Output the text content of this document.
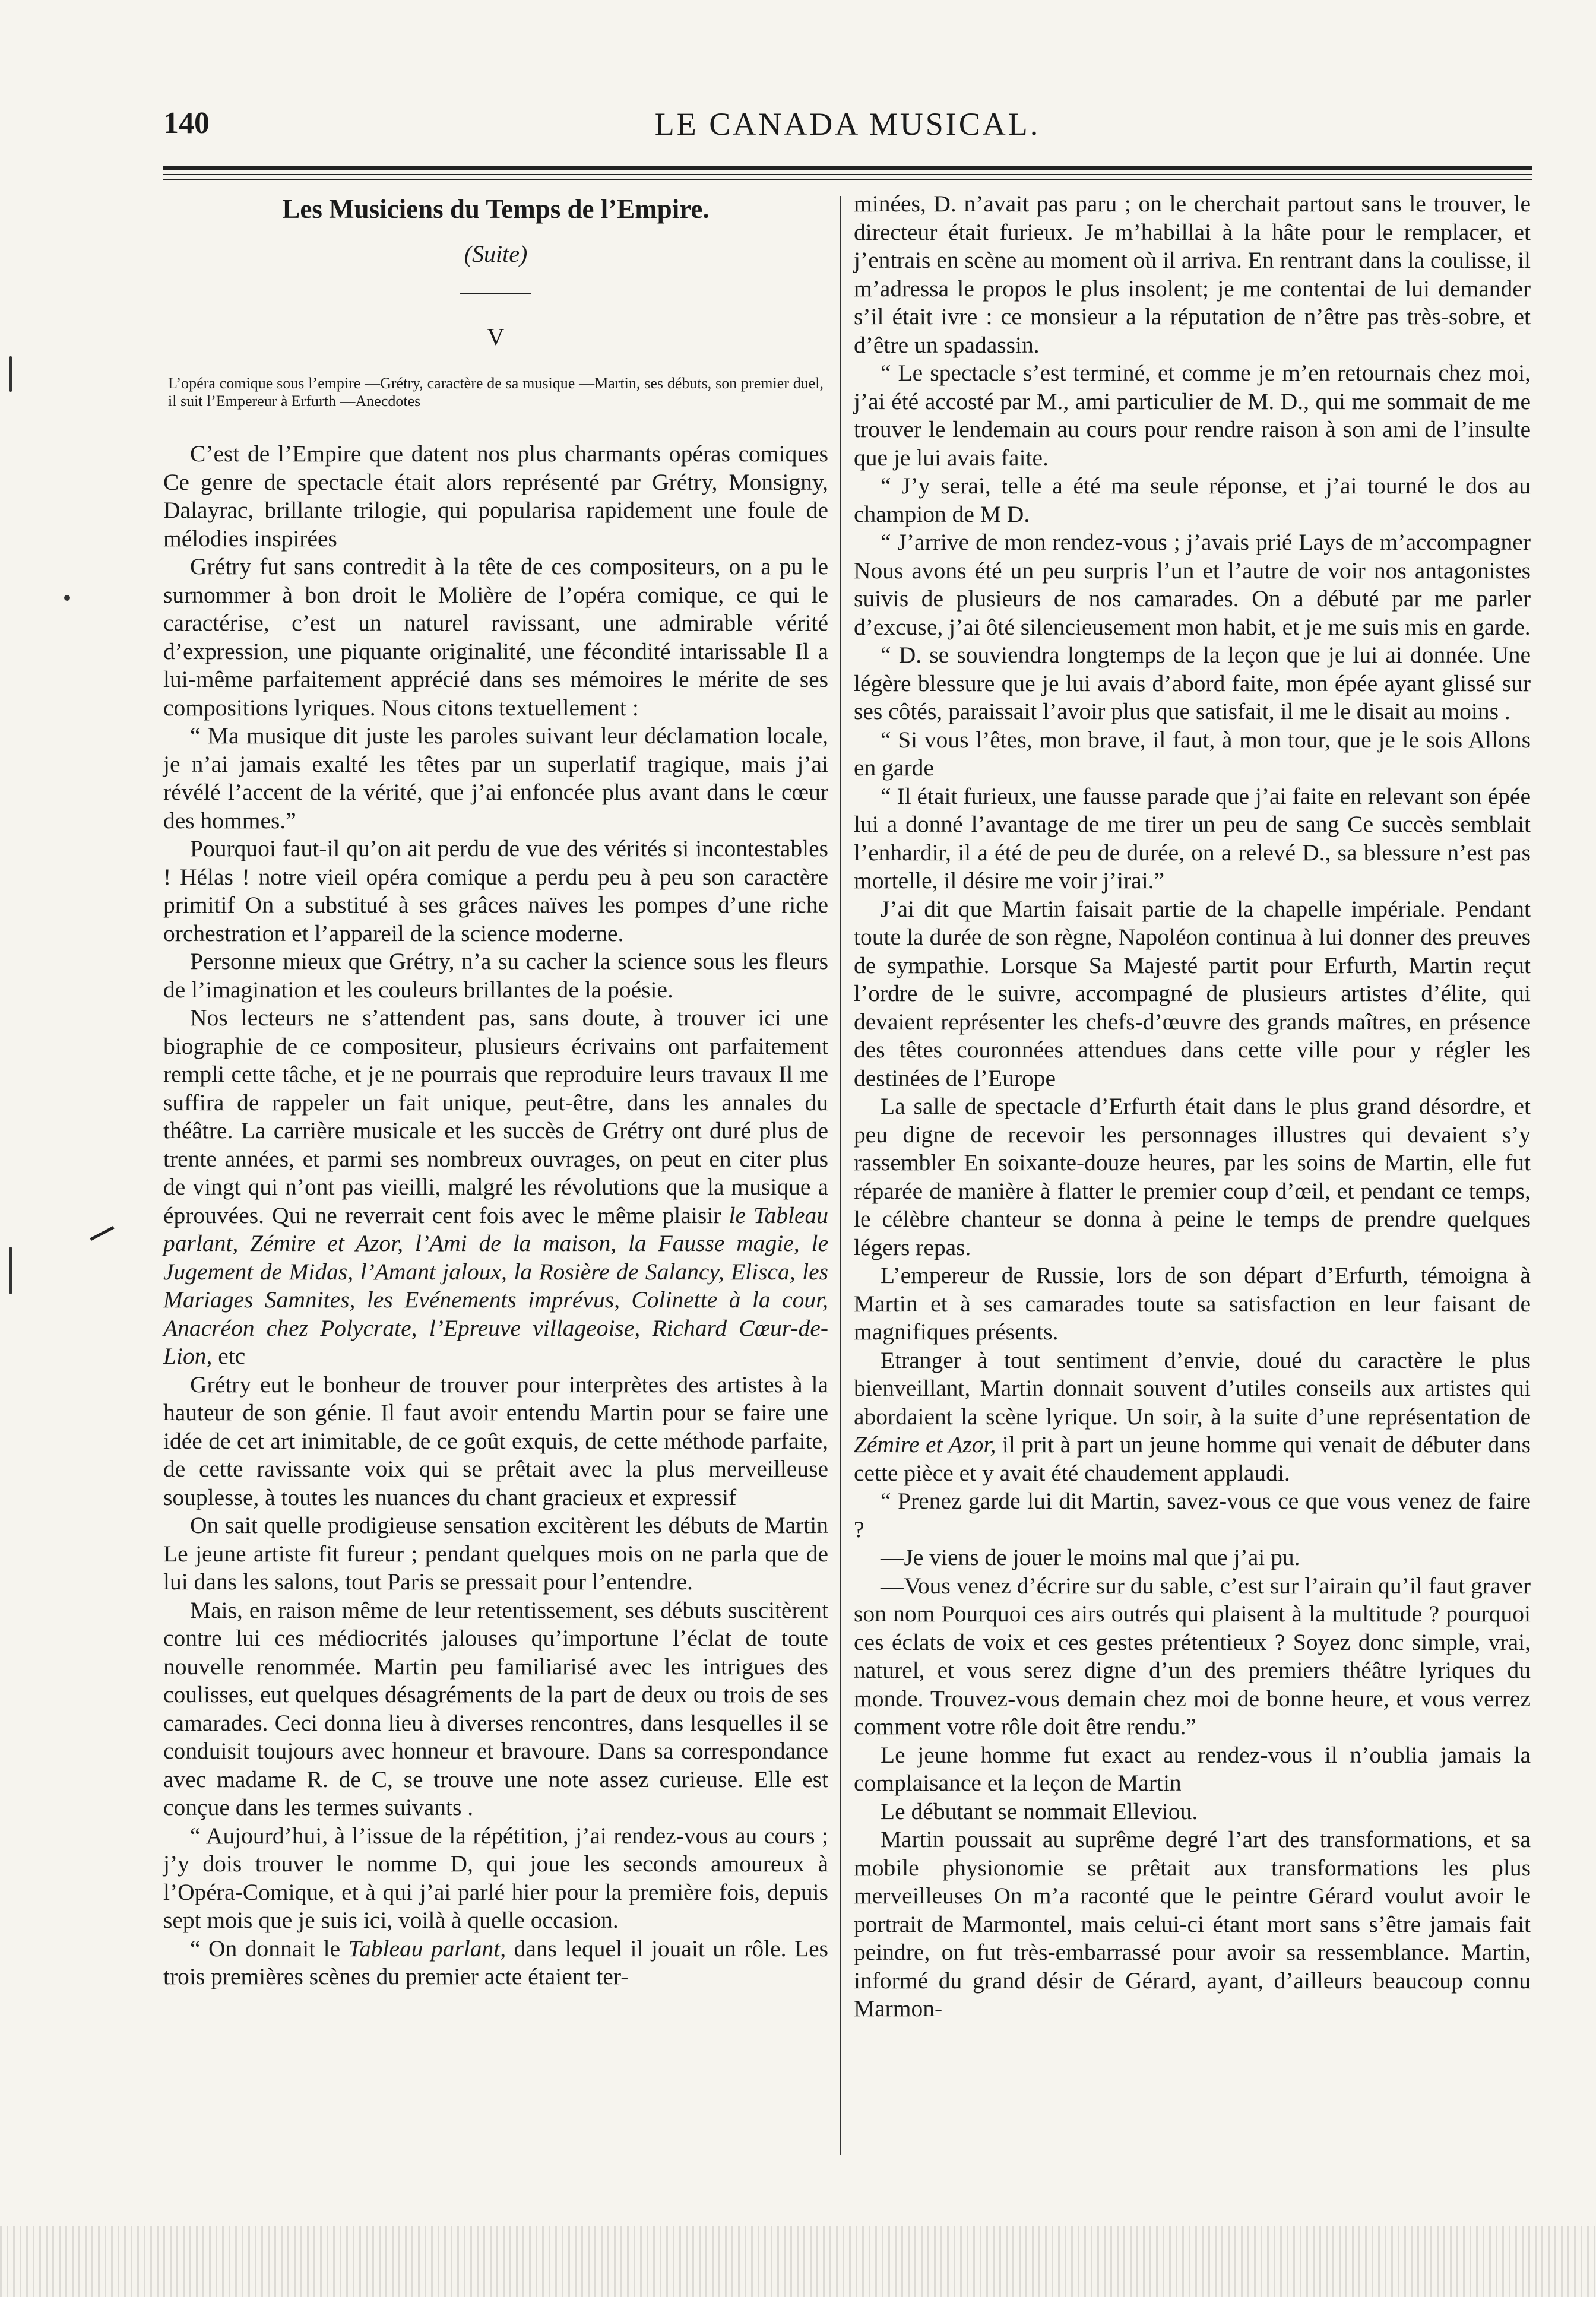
140	LE CANADA MUSICAL.
Les Musiciens du Temps de l’Empire.
(Suite)
V
L’opéra comique sous l’empire —Grétry, caractère de sa musique —Martin, ses débuts, son premier duel, il suit l’Empereur à Erfurth —Anecdotes

C’est de l’Empire que datent nos plus charmants opéras comiques Ce genre de spectacle était alors représenté par Grétry, Monsigny, Dalayrac, brillante trilogie, qui popularisa rapidement une foule de mélodies inspirées

Grétry fut sans contredit à la tête de ces compositeurs, on a pu le surnommer à bon droit le Molière de l’opéra comique, ce qui le caractérise, c’est un naturel ravissant, une admirable vérité d’expression, une piquante originalité, une fécondité intarissable Il a lui-même parfaitement apprécié dans ses mémoires le mérite de ses compositions lyriques. Nous citons textuellement :

“ Ma musique dit juste les paroles suivant leur déclamation locale, je n’ai jamais exalté les têtes par un superlatif tragique, mais j’ai révélé l’accent de la vérité, que j’ai enfoncée plus avant dans le cœur des hommes.”

Pourquoi faut-il qu’on ait perdu de vue des vérités si incontestables ! Hélas ! notre vieil opéra comique a perdu peu à peu son caractère primitif On a substitué à ses grâces naïves les pompes d’une riche orchestration et l’appareil de la science moderne.

Personne mieux que Grétry, n’a su cacher la science sous les fleurs de l’imagination et les couleurs brillantes de la poésie.

Nos lecteurs ne s’attendent pas, sans doute, à trouver ici une biographie de ce compositeur, plusieurs écrivains ont parfaitement rempli cette tâche, et je ne pourrais que reproduire leurs travaux Il me suffira de rappeler un fait unique, peut-être, dans les annales du théâtre. La carrière musicale et les succès de Grétry ont duré plus de trente années, et parmi ses nombreux ouvrages, on peut en citer plus de vingt qui n’ont pas vieilli, malgré les révolutions que la musique a éprouvées. Qui ne reverrait cent fois avec le même plaisir le Tableau parlant, Zémire et Azor, l’Ami de la maison, la Fausse magie, le Jugement de Midas, l’Amant jaloux, la Rosière de Salancy, Elisca, les Mariages Samnites, les Evénements imprévus, Colinette à la cour, Anacréon chez Polycrate, l’Epreuve villageoise, Richard Cœur-de-Lion, etc

Grétry eut le bonheur de trouver pour interprètes des artistes à la hauteur de son génie. Il faut avoir entendu Martin pour se faire une idée de cet art inimitable, de ce goût exquis, de cette méthode parfaite, de cette ravissante voix qui se prêtait avec la plus merveilleuse souplesse, à toutes les nuances du chant gracieux et expressif

On sait quelle prodigieuse sensation excitèrent les débuts de Martin Le jeune artiste fit fureur ; pendant quelques mois on ne parla que de lui dans les salons, tout Paris se pressait pour l’entendre.

Mais, en raison même de leur retentissement, ses débuts suscitèrent contre lui ces médiocrités jalouses qu’importune l’éclat de toute nouvelle renommée. Martin peu familiarisé avec les intrigues des coulisses, eut quelques désagréments de la part de deux ou trois de ses camarades. Ceci donna lieu à diverses rencontres, dans lesquelles il se conduisit toujours avec honneur et bravoure. Dans sa correspondance avec madame R. de C, se trouve une note assez curieuse. Elle est conçue dans les termes suivants .

“ Aujourd’hui, à l’issue de la répétition, j’ai rendez-vous au cours ; j’y dois trouver le nomme D, qui joue les seconds amoureux à l’Opéra-Comique, et à qui j’ai parlé hier pour la première fois, depuis sept mois que je suis ici, voilà à quelle occasion.

“ On donnait le Tableau parlant, dans lequel il jouait un rôle. Les trois premières scènes du premier acte étaient ter-

minées, D. n’avait pas paru ; on le cherchait partout sans le trouver, le directeur était furieux. Je m’habillai à la hâte pour le remplacer, et j’entrais en scène au moment où il arriva. En rentrant dans la coulisse, il m’adressa le propos le plus insolent; je me contentai de lui demander s’il était ivre : ce monsieur a la réputation de n’être pas très-sobre, et d’être un spadassin.

“ Le spectacle s’est terminé, et comme je m’en retournais chez moi, j’ai été accosté par M., ami particulier de M. D., qui me sommait de me trouver le lendemain au cours pour rendre raison à son ami de l’insulte que je lui avais faite.

“ J’y serai, telle a été ma seule réponse, et j’ai tourné le dos au champion de M D.

“ J’arrive de mon rendez-vous ; j’avais prié Lays de m’accompagner Nous avons été un peu surpris l’un et l’autre de voir nos antagonistes suivis de plusieurs de nos camarades. On a débuté par me parler d’excuse, j’ai ôté silencieusement mon habit, et je me suis mis en garde.

“ D. se souviendra longtemps de la leçon que je lui ai donnée. Une légère blessure que je lui avais d’abord faite, mon épée ayant glissé sur ses côtés, paraissait l’avoir plus que satisfait, il me le disait au moins .

“ Si vous l’êtes, mon brave, il faut, à mon tour, que je le sois Allons en garde

“ Il était furieux, une fausse parade que j’ai faite en relevant son épée lui a donné l’avantage de me tirer un peu de sang Ce succès semblait l’enhardir, il a été de peu de durée, on a relevé D., sa blessure n’est pas mortelle, il désire me voir j’irai.”

J’ai dit que Martin faisait partie de la chapelle impériale. Pendant toute la durée de son règne, Napoléon continua à lui donner des preuves de sympathie. Lorsque Sa Majesté partit pour Erfurth, Martin reçut l’ordre de le suivre, accompagné de plusieurs artistes d’élite, qui devaient représenter les chefs-d’œuvre des grands maîtres, en présence des têtes couronnées attendues dans cette ville pour y régler les destinées de l’Europe

La salle de spectacle d’Erfurth était dans le plus grand désordre, et peu digne de recevoir les personnages illustres qui devaient s’y rassembler En soixante-douze heures, par les soins de Martin, elle fut réparée de manière à flatter le premier coup d’œil, et pendant ce temps, le célèbre chanteur se donna à peine le temps de prendre quelques légers repas.

L’empereur de Russie, lors de son départ d’Erfurth, témoigna à Martin et à ses camarades toute sa satisfaction en leur faisant de magnifiques présents.

Etranger à tout sentiment d’envie, doué du caractère le plus bienveillant, Martin donnait souvent d’utiles conseils aux artistes qui abordaient la scène lyrique. Un soir, à la suite d’une représentation de Zémire et Azor, il prit à part un jeune homme qui venait de débuter dans cette pièce et y avait été chaudement applaudi.

“ Prenez garde lui dit Martin, savez-vous ce que vous venez de faire ?

—Je viens de jouer le moins mal que j’ai pu.

—Vous venez d’écrire sur du sable, c’est sur l’airain qu’il faut graver son nom Pourquoi ces airs outrés qui plaisent à la multitude ? pourquoi ces éclats de voix et ces gestes prétentieux ? Soyez donc simple, vrai, naturel, et vous serez digne d’un des premiers théâtre lyriques du monde. Trouvez-vous demain chez moi de bonne heure, et vous verrez comment votre rôle doit être rendu.”

Le jeune homme fut exact au rendez-vous il n’oublia jamais la complaisance et la leçon de Martin

Le débutant se nommait Elleviou.

Martin poussait au suprême degré l’art des transformations, et sa mobile physionomie se prêtait aux transformations les plus merveilleuses On m’a raconté que le peintre Gérard voulut avoir le portrait de Marmontel, mais celui-ci étant mort sans s’être jamais fait peindre, on fut très-embarrassé pour avoir sa ressemblance. Martin, informé du grand désir de Gérard, ayant, d’ailleurs beaucoup connu Marmon-
